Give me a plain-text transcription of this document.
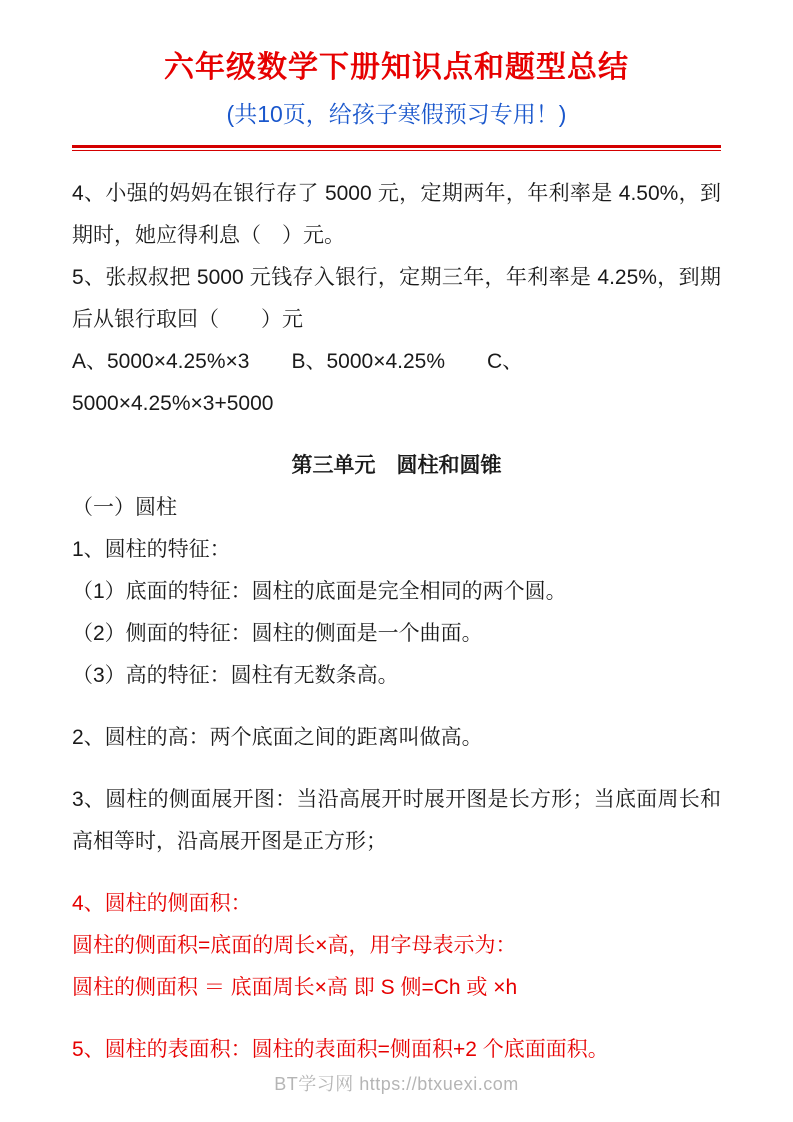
六年级数学下册知识点和题型总结
(共10页，给孩子寒假预习专用！)

4、小强的妈妈在银行存了 5000 元，定期两年，年利率是 4.50%，到期时，她应得利息（　）元。

5、张叔叔把 5000 元钱存入银行，定期三年，年利率是 4.25%，到期后从银行取回（　　）元

A、5000×4.25%×3　　B、5000×4.25%　　C、5000×4.25%×3+5000

第三单元　圆柱和圆锥

（一）圆柱

1、圆柱的特征：

（1）底面的特征：圆柱的底面是完全相同的两个圆。

（2）侧面的特征：圆柱的侧面是一个曲面。

（3）高的特征：圆柱有无数条高。

2、圆柱的高：两个底面之间的距离叫做高。

3、圆柱的侧面展开图：当沿高展开时展开图是长方形；当底面周长和高相等时，沿高展开图是正方形；

4、圆柱的侧面积：

圆柱的侧面积=底面的周长×高，用字母表示为：

圆柱的侧面积 ＝ 底面周长×高 即 S 侧=Ch 或 ×h

5、圆柱的表面积：圆柱的表面积=侧面积+2 个底面面积。

BT学习网 https://btxuexi.com
